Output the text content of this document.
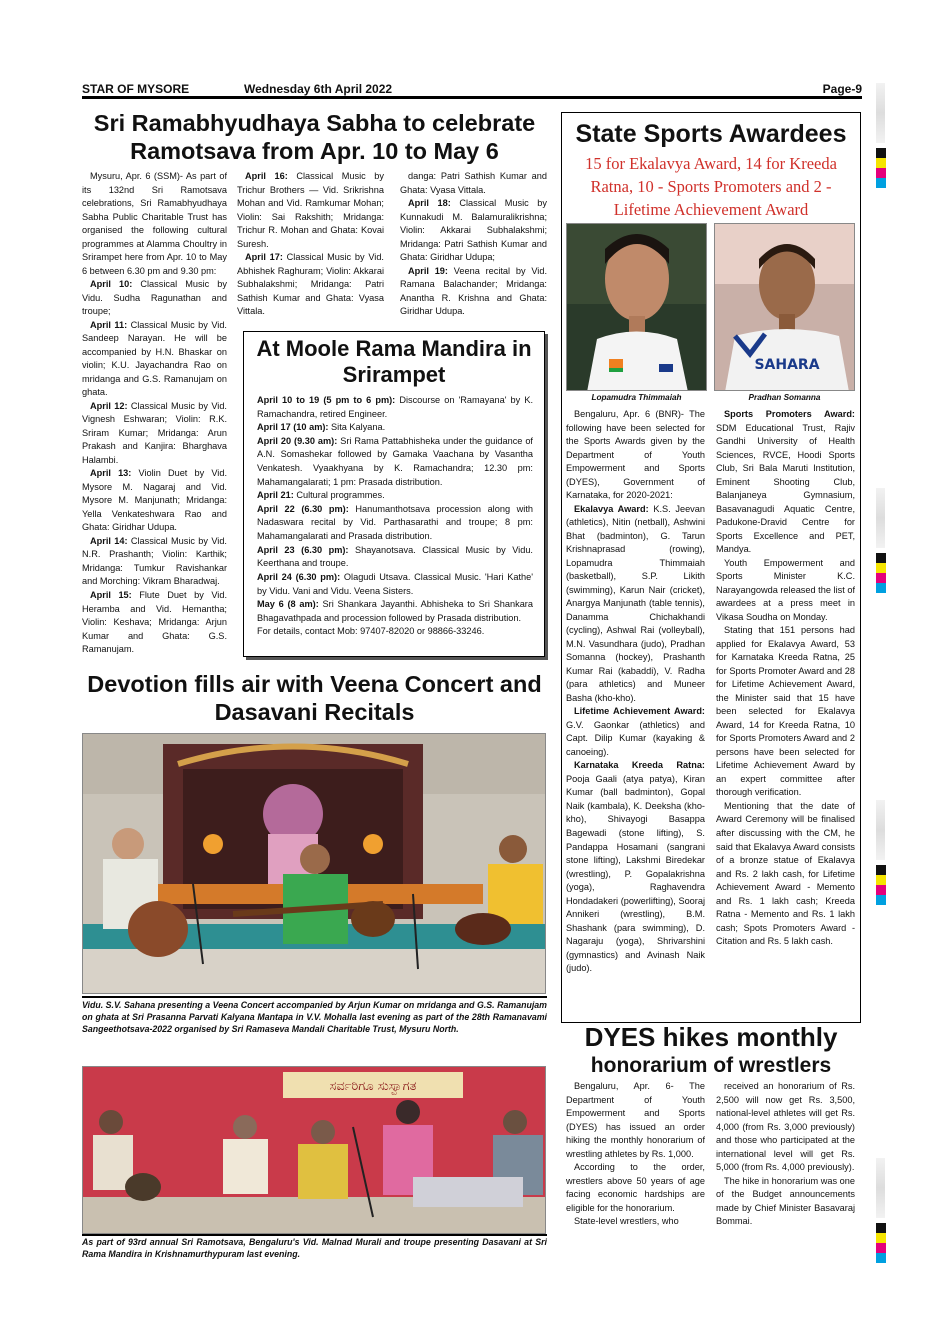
STAR OF MYSORE	Wednesday 6th April 2022	Page-9
Sri Ramabhyudhaya Sabha to celebrate Ramotsava from Apr. 10 to May 6

Mysuru, Apr. 6 (SSM)- As part of its 132nd Sri Ramotsava celebrations, Sri Ramabhyudhaya Sabha Public Charitable Trust has organised the following cultural programmes at Alamma Choultry in Srirampet here from Apr. 10 to May 6 between 6.30 pm and 9.30 pm:

April 10: Classical Music by Vidu. Sudha Ragunathan and troupe;

April 11: Classical Music by Vid. Sandeep Narayan. He will be accompanied by H.N. Bhaskar on violin; K.U. Jayachandra Rao on mridanga and G.S. Ramanujam on ghata.

April 12: Classical Music by Vid. Vignesh Eshwaran; Violin: R.K. Sriram Kumar; Mridanga: Arun Prakash and Kanjira: Bharghava Halambi.

April 13: Violin Duet by Vid. Mysore M. Nagaraj and Vid. Mysore M. Manjunath; Mridanga: Yella Venkateshwara Rao and Ghata: Giridhar Udupa.

April 14: Classical Music by Vid. N.R. Prashanth; Violin: Karthik; Mridanga: Tumkur Ravishankar and Morching: Vikram Bharadwaj.

April 15: Flute Duet by Vid. Heramba and Vid. Hemantha; Violin: Keshava; Mridanga: Arjun Kumar and Ghata: G.S. Ramanujam.

April 16: Classical Music by Trichur Brothers — Vid. Srikrishna Mohan and Vid. Ramkumar Mohan; Violin: Sai Rakshith; Mridanga: Trichur R. Mohan and Ghata: Kovai Suresh.

April 17: Classical Music by Vid. Abhishek Raghuram; Violin: Akkarai Subhalakshmi; Mridanga: Patri Sathish Kumar and Ghata: Vyasa Vittala.

danga: Patri Sathish Kumar and Ghata: Vyasa Vittala.

April 18: Classical Music by Kunnakudi M. Balamuralikrishna; Violin: Akkarai Subhalakshmi; Mridanga: Patri Sathish Kumar and Ghata: Giridhar Udupa;

April 19: Veena recital by Vid. Ramana Balachander; Mridanga: Anantha R. Krishna and Ghata: Giridhar Udupa.

At Moole Rama Mandira in Srirampet

April 10 to 19 (5 pm to 6 pm): Discourse on 'Ramayana' by K. Ramachandra, retired Engineer.

April 17 (10 am): Sita Kalyana.

April 20 (9.30 am): Sri Rama Pattabhisheka under the guidance of A.N. Somashekar followed by Gamaka Vaachana by Vasantha Venkatesh. Vyaakhyana by K. Ramachandra; 12.30 pm: Mahamangalarati; 1 pm: Prasada distribution.

April 21: Cultural programmes.

April 22 (6.30 pm): Hanumanthotsava procession along with Nadaswara recital by Vid. Parthasarathi and troupe; 8 pm: Mahamangalarati and Prasada distribution.

April 23 (6.30 pm): Shayanotsava. Classical Music by Vidu. Keerthana and troupe.

April 24 (6.30 pm): Olagudi Utsava. Classical Music. 'Hari Kathe' by Vidu. Vani and Vidu. Veena Sisters.

May 6 (8 am): Sri Shankara Jayanthi. Abhisheka to Sri Shankara Bhagavathpada and procession followed by Prasada distribution.

For details, contact Mob: 97407-82020 or 98866-33246.

Devotion fills air with Veena Concert and Dasavani Recitals
Vidu. S.V. Sahana presenting a Veena Concert accompanied by Arjun Kumar on mridanga and G.S. Ramanujam on ghata at Sri Prasanna Parvati Kalyana Mantapa in V.V. Mohalla last evening as part of the 28th Ramanavami Sangeethotsava-2022 organised by Sri Ramaseva Mandali Charitable Trust, Mysuru North.
ಸರ್ವರಿಗೂ ಸುಸ್ವಾಗತ
As part of 93rd annual Sri Ramotsava, Bengaluru's Vid. Malnad Murali and troupe presenting Dasavani at Sri Rama Mandira in Krishnamurthypuram last evening.
State Sports Awardees
15 for Ekalavya Award, 14 for Kreeda Ratna, 10 - Sports Promoters and 2 - Lifetime Achievement Award
Lopamudra Thimmaiah
SAHARA
Pradhan Somanna

Bengaluru, Apr. 6 (BNR)- The following have been selected for the Sports Awards given by the Department of Youth Empowerment and Sports (DYES), Government of Karnataka, for 2020-2021:

Ekalavya Award: K.S. Jeevan (athletics), Nitin (netball), Ashwini Bhat (badminton), G. Tarun Krishnaprasad (rowing), Lopamudra Thimmaiah (basketball), S.P. Likith (swimming), Karun Nair (cricket), Anargya Manjunath (table tennis), Danamma Chichakhandi (cycling), Ashwal Rai (volleyball), M.N. Vasundhara (judo), Pradhan Somanna (hockey), Prashanth Kumar Rai (kabaddi), V. Radha (para athletics) and Muneer Basha (kho-kho).

Lifetime Achievement Award: G.V. Gaonkar (athletics) and Capt. Dilip Kumar (kayaking & canoeing).

Karnataka Kreeda Ratna: Pooja Gaali (atya patya), Kiran Kumar (ball badminton), Gopal Naik (kambala), K. Deeksha (kho-kho), Shivayogi Basappa Bagewadi (stone lifting), S. Pandappa Hosamani (sangrani stone lifting), Lakshmi Biredekar (wrestling), P. Gopalakrishna (yoga), Raghavendra Hondadakeri (powerlifting), Sooraj Annikeri (wrestling), B.M. Shashank (para swimming), D. Nagaraju (yoga), Shrivarshini (gymnastics) and Avinash Naik (judo).

Sports Promoters Award: SDM Educational Trust, Rajiv Gandhi University of Health Sciences, RVCE, Hoodi Sports Club, Sri Bala Maruti Institution, Eminent Shooting Club, Balanjaneya Gymnasium, Basavanagudi Aquatic Centre, Padukone-Dravid Centre for Sports Excellence and PET, Mandya.

Youth Empowerment and Sports Minister K.C. Narayangowda released the list of awardees at a press meet in Vikasa Soudha on Monday.

Stating that 151 persons had applied for Ekalavya Award, 53 for Karnataka Kreeda Ratna, 25 for Sports Promoter Award and 28 for Lifetime Achievement Award, the Minister said that 15 have been selected for Ekalavya Award, 14 for Kreeda Ratna, 10 for Sports Promoters Award and 2 persons have been selected for Lifetime Achievement Award by an expert committee after thorough verification.

Mentioning that the date of Award Ceremony will be finalised after discussing with the CM, he said that Ekalavya Award consists of a bronze statue of Ekalavya and Rs. 2 lakh cash, for Lifetime Achievement Award - Memento and Rs. 1 lakh cash; Kreeda Ratna - Memento and Rs. 1 lakh cash; Spots Promoters Award - Citation and Rs. 5 lakh cash.

DYES hikes monthly
honorarium of wrestlers

Bengaluru, Apr. 6- The Department of Youth Empowerment and Sports (DYES) has issued an order hiking the monthly honorarium of wrestling athletes by Rs. 1,000.

According to the order, wrestlers above 50 years of age facing economic hardships are eligible for the honorarium.

State-level wrestlers, who

received an honorarium of Rs. 2,500 will now get Rs. 3,500, national-level athletes will get Rs. 4,000 (from Rs. 3,000 previously) and those who participated at the international level will get Rs. 5,000 (from Rs. 4,000 previously).

The hike in honorarium was one of the Budget announcements made by Chief Minister Basavaraj Bommai.
